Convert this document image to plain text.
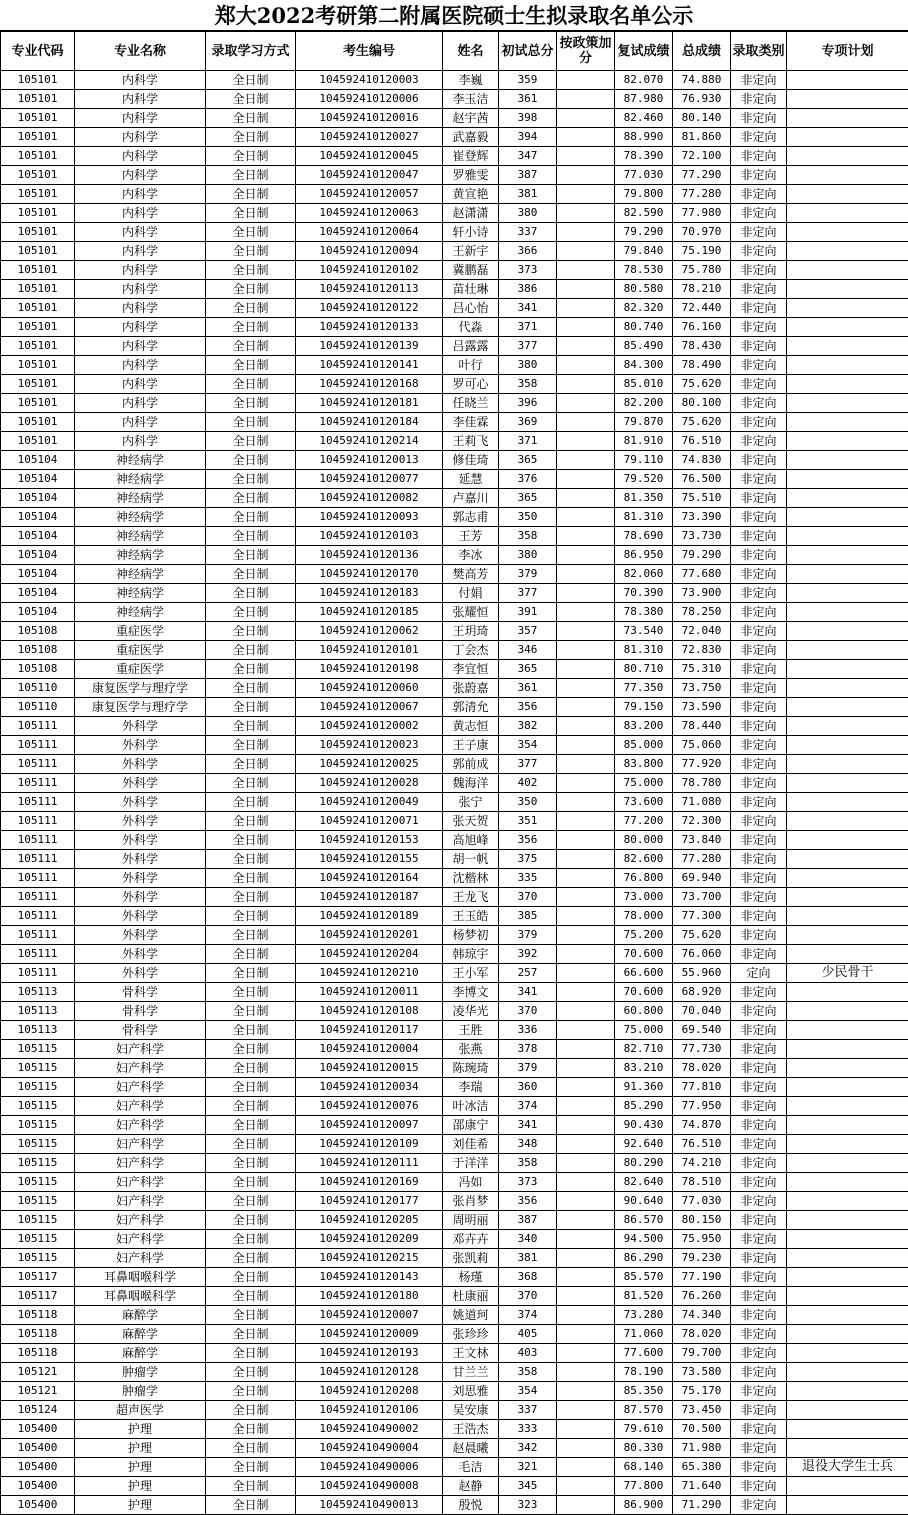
郑大2022考研第二附属医院硕士生拟录取名单公示
专业代码	专业名称	录取学习方式	考生编号	姓名	初试总分	按政策加分	复试成绩	总成绩	录取类别	专项计划
105101	内科学	全日制	104592410120003	李巍	359		82.070	74.880	非定向	
105101	内科学	全日制	104592410120006	李玉洁	361		87.980	76.930	非定向	
105101	内科学	全日制	104592410120016	赵宇茜	398		82.460	80.140	非定向	
105101	内科学	全日制	104592410120027	武嘉毅	394		88.990	81.860	非定向	
105101	内科学	全日制	104592410120045	崔登辉	347		78.390	72.100	非定向	
105101	内科学	全日制	104592410120047	罗雅雯	387		77.030	77.290	非定向	
105101	内科学	全日制	104592410120057	黄宣艳	381		79.800	77.280	非定向	
105101	内科学	全日制	104592410120063	赵潇潇	380		82.590	77.980	非定向	
105101	内科学	全日制	104592410120064	轩小诗	337		79.290	70.970	非定向	
105101	内科学	全日制	104592410120094	王新宇	366		79.840	75.190	非定向	
105101	内科学	全日制	104592410120102	冀鹏磊	373		78.530	75.780	非定向	
105101	内科学	全日制	104592410120113	苗壮琳	386		80.580	78.210	非定向	
105101	内科学	全日制	104592410120122	吕心怡	341		82.320	72.440	非定向	
105101	内科学	全日制	104592410120133	代淼	371		80.740	76.160	非定向	
105101	内科学	全日制	104592410120139	吕露露	377		85.490	78.430	非定向	
105101	内科学	全日制	104592410120141	叶行	380		84.300	78.490	非定向	
105101	内科学	全日制	104592410120168	罗可心	358		85.010	75.620	非定向	
105101	内科学	全日制	104592410120181	任晓兰	396		82.200	80.100	非定向	
105101	内科学	全日制	104592410120184	李佳霖	369		79.870	75.620	非定向	
105101	内科学	全日制	104592410120214	王莉飞	371		81.910	76.510	非定向	
105104	神经病学	全日制	104592410120013	修佳琦	365		79.110	74.830	非定向	
105104	神经病学	全日制	104592410120077	延慧	376		79.520	76.500	非定向	
105104	神经病学	全日制	104592410120082	卢嘉川	365		81.350	75.510	非定向	
105104	神经病学	全日制	104592410120093	郭志甫	350		81.310	73.390	非定向	
105104	神经病学	全日制	104592410120103	王芳	358		78.690	73.730	非定向	
105104	神经病学	全日制	104592410120136	李冰	380		86.950	79.290	非定向	
105104	神经病学	全日制	104592410120170	樊高芳	379		82.060	77.680	非定向	
105104	神经病学	全日制	104592410120183	付娟	377		70.390	73.900	非定向	
105104	神经病学	全日制	104592410120185	张耀恒	391		78.380	78.250	非定向	
105108	重症医学	全日制	104592410120062	王玥琦	357		73.540	72.040	非定向	
105108	重症医学	全日制	104592410120101	丁会杰	346		81.310	72.830	非定向	
105108	重症医学	全日制	104592410120198	李宜恒	365		80.710	75.310	非定向	
105110	康复医学与理疗学	全日制	104592410120060	张蔚嘉	361		77.350	73.750	非定向	
105110	康复医学与理疗学	全日制	104592410120067	郭清允	356		79.150	73.590	非定向	
105111	外科学	全日制	104592410120002	黄志恒	382		83.200	78.440	非定向	
105111	外科学	全日制	104592410120023	王子康	354		85.000	75.060	非定向	
105111	外科学	全日制	104592410120025	郭前成	377		83.800	77.920	非定向	
105111	外科学	全日制	104592410120028	魏海洋	402		75.000	78.780	非定向	
105111	外科学	全日制	104592410120049	张宁	350		73.600	71.080	非定向	
105111	外科学	全日制	104592410120071	张天贺	351		77.200	72.300	非定向	
105111	外科学	全日制	104592410120153	高旭峰	356		80.000	73.840	非定向	
105111	外科学	全日制	104592410120155	胡一帆	375		82.600	77.280	非定向	
105111	外科学	全日制	104592410120164	沈楷林	335		76.800	69.940	非定向	
105111	外科学	全日制	104592410120187	王龙飞	370		73.000	73.700	非定向	
105111	外科学	全日制	104592410120189	王玉皓	385		78.000	77.300	非定向	
105111	外科学	全日制	104592410120201	杨梦初	379		75.200	75.620	非定向	
105111	外科学	全日制	104592410120204	韩琼宇	392		70.600	76.060	非定向	
105111	外科学	全日制	104592410120210	王小军	257		66.600	55.960	定向	少民骨干
105113	骨科学	全日制	104592410120011	李博文	341		70.600	68.920	非定向	
105113	骨科学	全日制	104592410120108	凌华光	370		60.800	70.040	非定向	
105113	骨科学	全日制	104592410120117	王胜	336		75.000	69.540	非定向	
105115	妇产科学	全日制	104592410120004	张燕	378		82.710	77.730	非定向	
105115	妇产科学	全日制	104592410120015	陈琬琦	379		83.210	78.020	非定向	
105115	妇产科学	全日制	104592410120034	李瑞	360		91.360	77.810	非定向	
105115	妇产科学	全日制	104592410120076	叶冰洁	374		85.290	77.950	非定向	
105115	妇产科学	全日制	104592410120097	邵康宁	341		90.430	74.870	非定向	
105115	妇产科学	全日制	104592410120109	刘佳希	348		92.640	76.510	非定向	
105115	妇产科学	全日制	104592410120111	于洋洋	358		80.290	74.210	非定向	
105115	妇产科学	全日制	104592410120169	冯如	373		82.640	78.510	非定向	
105115	妇产科学	全日制	104592410120177	张肖梦	356		90.640	77.030	非定向	
105115	妇产科学	全日制	104592410120205	周明丽	387		86.570	80.150	非定向	
105115	妇产科学	全日制	104592410120209	邓卉卉	340		94.500	75.950	非定向	
105115	妇产科学	全日制	104592410120215	张凯莉	381		86.290	79.230	非定向	
105117	耳鼻咽喉科学	全日制	104592410120143	杨瑾	368		85.570	77.190	非定向	
105117	耳鼻咽喉科学	全日制	104592410120180	杜康丽	370		81.520	76.260	非定向	
105118	麻醉学	全日制	104592410120007	姚道珂	374		73.280	74.340	非定向	
105118	麻醉学	全日制	104592410120009	张珍珍	405		71.060	78.020	非定向	
105118	麻醉学	全日制	104592410120193	王文林	403		77.600	79.700	非定向	
105121	肿瘤学	全日制	104592410120128	甘兰兰	358		78.190	73.580	非定向	
105121	肿瘤学	全日制	104592410120208	刘思雅	354		85.350	75.170	非定向	
105124	超声医学	全日制	104592410120106	吴安康	337		87.570	73.450	非定向	
105400	护理	全日制	104592410490002	王浩杰	333		79.610	70.500	非定向	
105400	护理	全日制	104592410490004	赵晨曦	342		80.330	71.980	非定向	
105400	护理	全日制	104592410490006	毛洁	321		68.140	65.380	非定向	退役大学生士兵
105400	护理	全日制	104592410490008	赵静	345		77.800	71.640	非定向	
105400	护理	全日制	104592410490013	殷悦	323		86.900	71.290	非定向	
